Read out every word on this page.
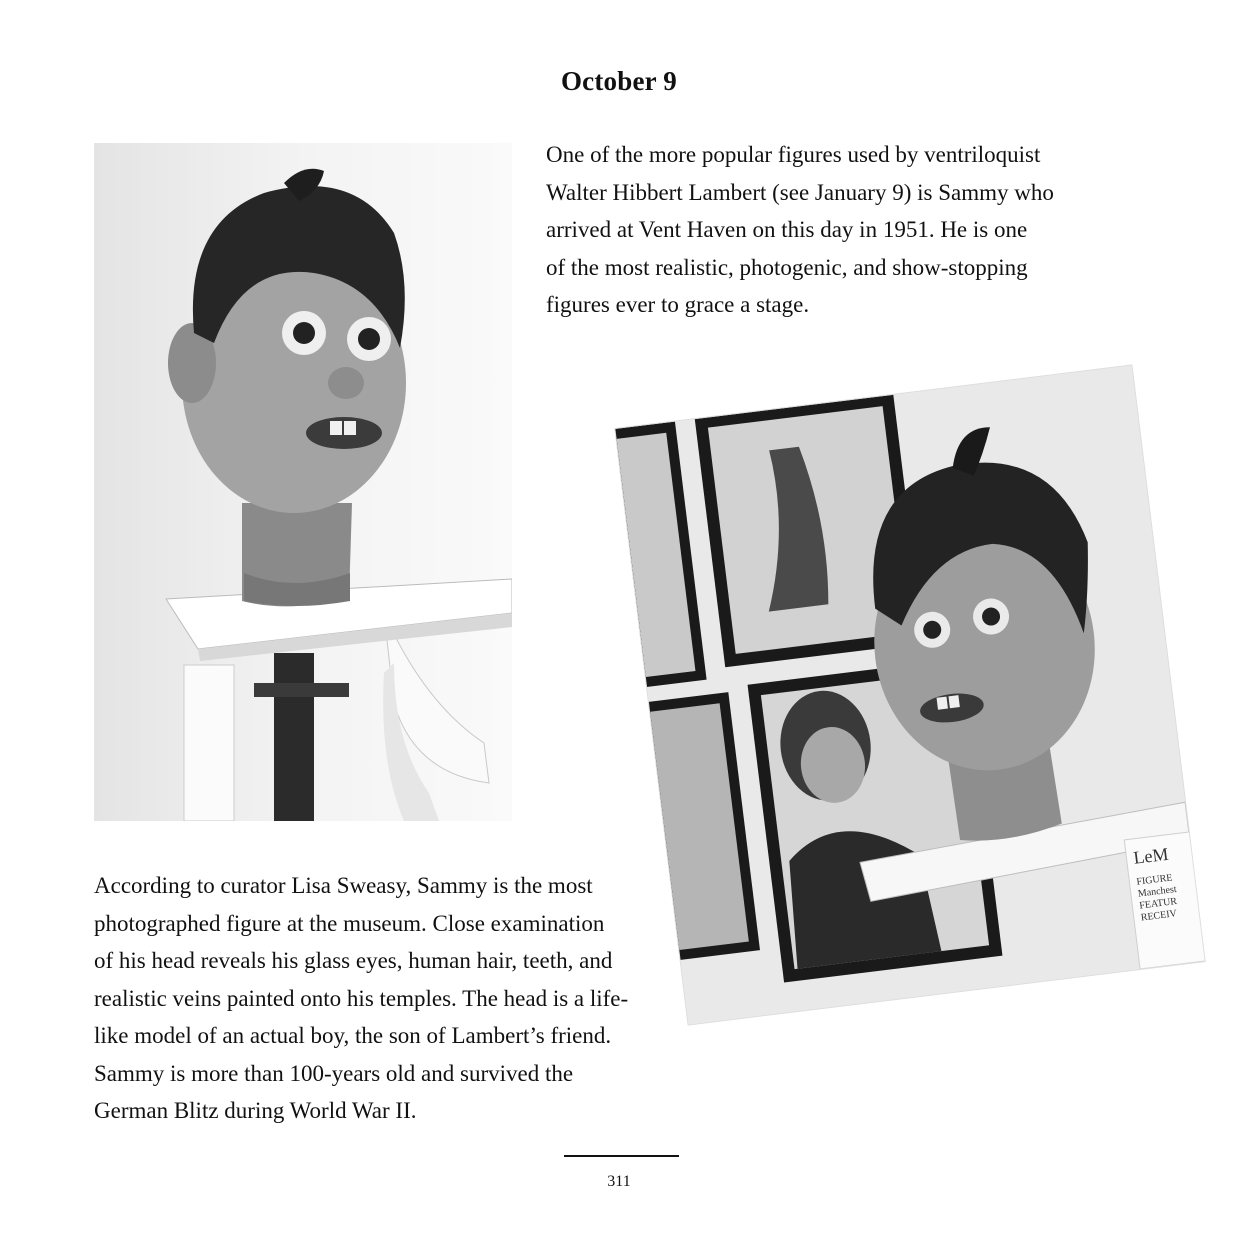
October 9

One of the more popular figures used by ventriloquist
Walter Hibbert Lambert (see January 9) is Sammy who
arrived at Vent Haven on this day in 1951. He is one
of the most realistic, photogenic, and show-stopping
figures ever to grace a stage.

LeM
FIGURE
Manchest
FEATUR
RECEIV

According to curator Lisa Sweasy, Sammy is the most
photographed figure at the museum. Close examination
of his head reveals his glass eyes, human hair, teeth, and
realistic veins painted onto his temples. The head is a life-
like model of an actual boy, the son of Lambert’s friend.
Sammy is more than 100-years old and survived the
German Blitz during World War II.

311
